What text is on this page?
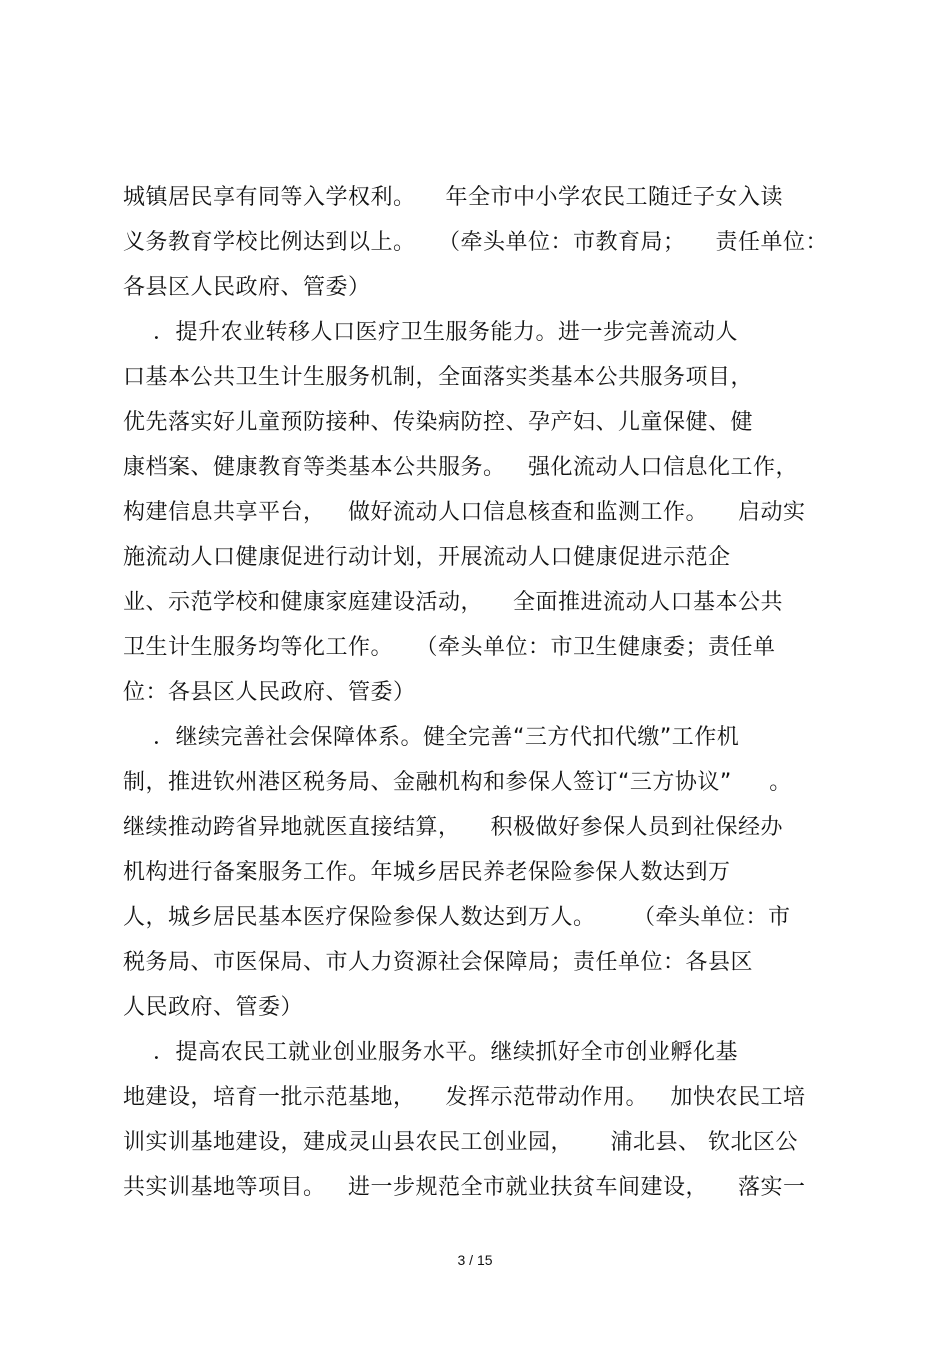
城镇居民享有同等入学权利。    年全市中小学农民工随迁子女入读
义务教育学校比例达到以上。   （牵头单位：市教育局；    责任单位：
各县区人民政府、管委）
．提升农业转移人口医疗卫生服务能力。进一步完善流动人
口基本公共卫生计生服务机制，全面落实类基本公共服务项目，
优先落实好儿童预防接种、传染病防控、孕产妇、儿童保健、健
康档案、健康教育等类基本公共服务。   强化流动人口信息化工作，
构建信息共享平台，   做好流动人口信息核查和监测工作。    启动实
施流动人口健康促进行动计划，开展流动人口健康促进示范企
业、示范学校和健康家庭建设活动，    全面推进流动人口基本公共
卫生计生服务均等化工作。   （牵头单位：市卫生健康委；责任单
位：各县区人民政府、管委）
．继续完善社会保障体系。健全完善“三方代扣代缴”工作机
制，推进钦州港区税务局、金融机构和参保人签订“三方协议”     。
继续推动跨省异地就医直接结算，    积极做好参保人员到社保经办
机构进行备案服务工作。年城乡居民养老保险参保人数达到万
人，城乡居民基本医疗保险参保人数达到万人。     （牵头单位：市
税务局、市医保局、市人力资源社会保障局；责任单位：各县区
人民政府、管委）
．提高农民工就业创业服务水平。继续抓好全市创业孵化基
地建设，培育一批示范基地，    发挥示范带动作用。   加快农民工培
训实训基地建设，建成灵山县农民工创业园，     浦北县、 钦北区公
共实训基地等项目。   进一步规范全市就业扶贫车间建设，    落实一
3 / 15
